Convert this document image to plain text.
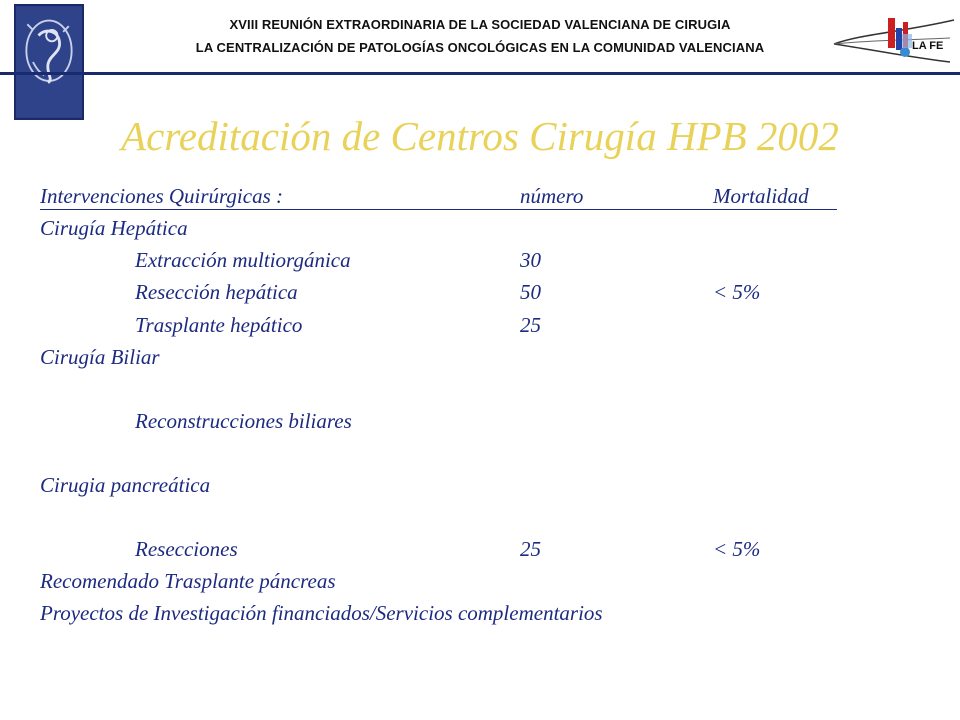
XVIII REUNIÓN EXTRAORDINARIA DE LA SOCIEDAD VALENCIANA DE CIRUGIA
LA CENTRALIZACIÓN DE PATOLOGÍAS ONCOLÓGICAS EN LA COMUNIDAD VALENCIANA	LA FE
Acreditación de Centros Cirugía HPB 2002
Intervenciones Quirúrgicas :	número	Mortalidad
Cirugía Hepática
Extracción multiorgánica	30
Resección hepática	50	< 5%
Trasplante hepático	25
Cirugía Biliar
Reconstrucciones biliares
Cirugia pancreática
Resecciones	25	< 5%
Recomendado Trasplante páncreas
Proyectos de Investigación financiados/Servicios complementarios
